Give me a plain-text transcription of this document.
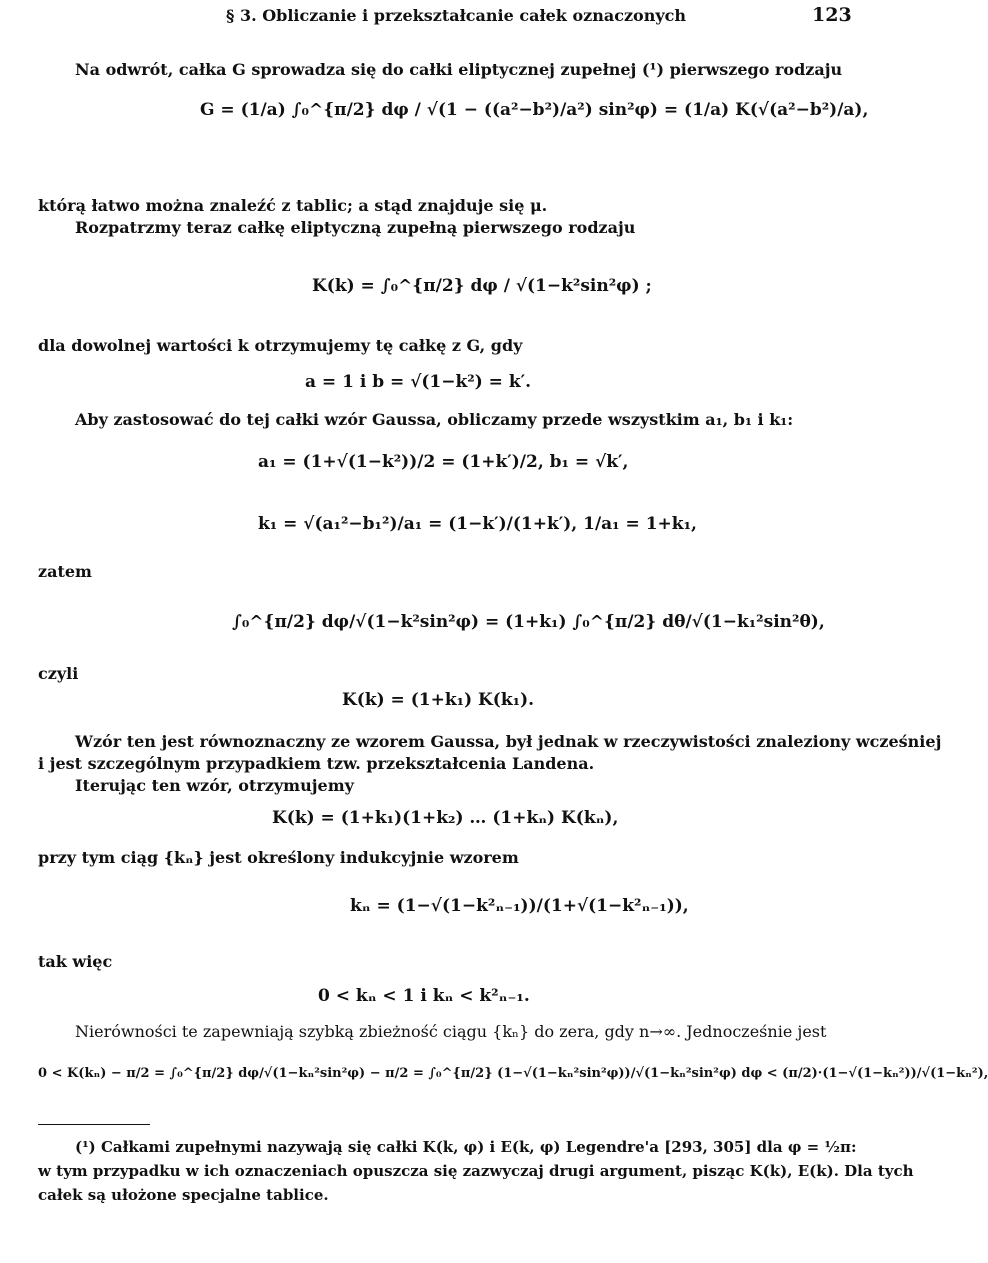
§ 3. Obliczanie i przekształcanie całek oznaczonych	123
Na odwrót, całka G sprowadza się do całki eliptycznej zupełnej (¹) pierwszego rodzaju
G = (1/a) ∫₀^{π/2} dφ / √(1 − ((a²−b²)/a²) sin²φ) = (1/a) K(√(a²−b²)/a),
którą łatwo można znaleźć z tablic; a stąd znajduje się μ.
Rozpatrzmy teraz całkę eliptyczną zupełną pierwszego rodzaju
K(k) = ∫₀^{π/2} dφ / √(1−k²sin²φ) ;
dla dowolnej wartości k otrzymujemy tę całkę z G, gdy
a = 1 i b = √(1−k²) = k′.
Aby zastosować do tej całki wzór Gaussa, obliczamy przede wszystkim a₁, b₁ i k₁:
a₁ = (1+√(1−k²))/2 = (1+k′)/2, b₁ = √k′,
k₁ = √(a₁²−b₁²)/a₁ = (1−k′)/(1+k′), 1/a₁ = 1+k₁,
zatem
∫₀^{π/2} dφ/√(1−k²sin²φ) = (1+k₁) ∫₀^{π/2} dθ/√(1−k₁²sin²θ),
czyli
K(k) = (1+k₁) K(k₁).
Wzór ten jest równoznaczny ze wzorem Gaussa, był jednak w rzeczywistości znaleziony wcześniej
i jest szczególnym przypadkiem tzw. przekształcenia Landena.
Iterując ten wzór, otrzymujemy
K(k) = (1+k₁)(1+k₂) … (1+kₙ) K(kₙ),
przy tym ciąg {kₙ} jest określony indukcyjnie wzorem
kₙ = (1−√(1−k²ₙ₋₁))/(1+√(1−k²ₙ₋₁)),
tak więc
0 < kₙ < 1 i kₙ < k²ₙ₋₁.
Nierówności te zapewniają szybką zbieżność ciągu {kₙ} do zera, gdy n→∞. Jednocześnie jest
0 < K(kₙ) − π/2 = ∫₀^{π/2} dφ/√(1−kₙ²sin²φ) − π/2 = ∫₀^{π/2} (1−√(1−kₙ²sin²φ))/√(1−kₙ²sin²φ) dφ < (π/2)·(1−√(1−kₙ²))/√(1−kₙ²),
(¹) Całkami zupełnymi nazywają się całki K(k, φ) i E(k, φ) Legendre'a [293, 305] dla φ = ½π:
w tym przypadku w ich oznaczeniach opuszcza się zazwyczaj drugi argument, pisząc K(k), E(k). Dla tych
całek są ułożone specjalne tablice.
